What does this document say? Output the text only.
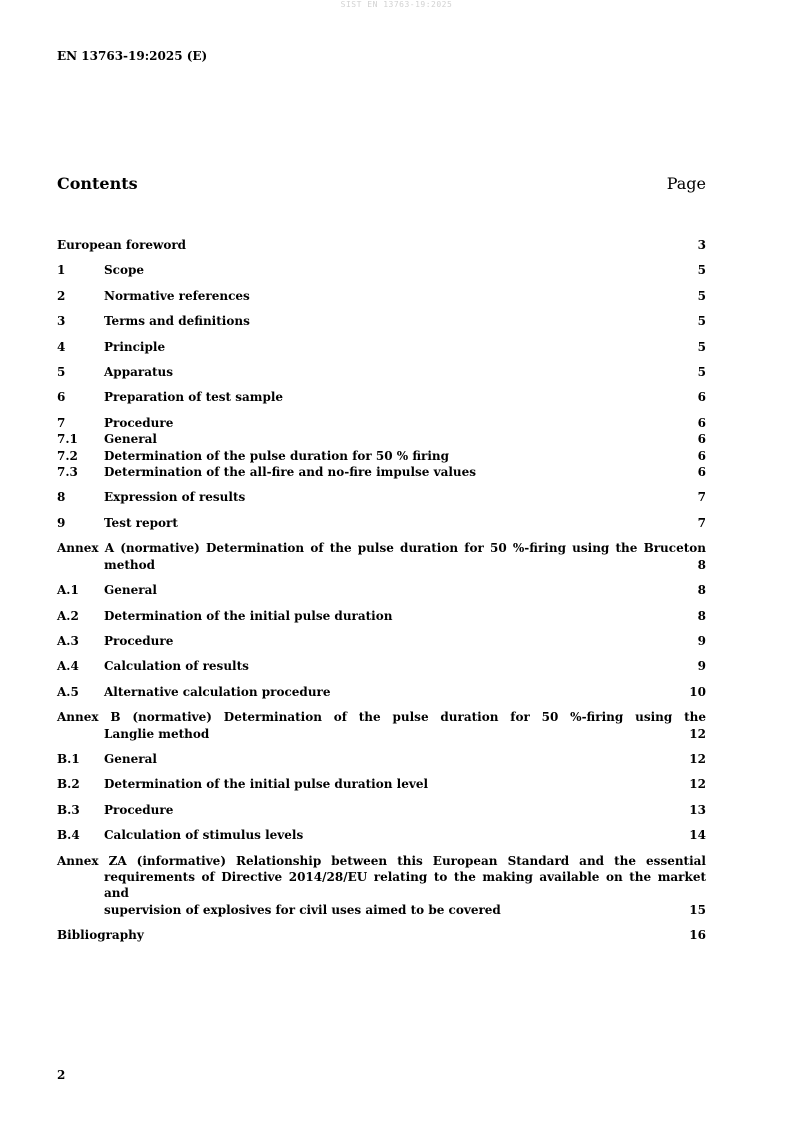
SIST EN 13763-19:2025
EN 13763-19:2025 (E)
Contents	Page
European foreword .....	3
1	Scope .....	5
2	Normative references .....	5
3	Terms and definitions .....	5
4	Principle .....	5
5	Apparatus .....	5
6	Preparation of test sample .....	6
7	Procedure .....	6
7.1	General .....	6
7.2	Determination of the pulse duration for 50 % firing .....	6
7.3	Determination of the all-fire and no-fire impulse values .....	6
8	Expression of results .....	7
9	Test report .....	7
Annex A (normative) Determination of the pulse duration for 50 %-firing using the Bruceton
method .....	8
A.1	General .....	8
A.2	Determination of the initial pulse duration .....	8
A.3	Procedure .....	9
A.4	Calculation of results .....	9
A.5	Alternative calculation procedure .....	10
Annex B (normative) Determination of the pulse duration for 50 %-firing using the
Langlie method .....	12
B.1	General .....	12
B.2	Determination of the initial pulse duration level .....	12
B.3	Procedure .....	13
B.4	Calculation of stimulus levels .....	14
Annex ZA (informative) Relationship between this European Standard and the essential
requirements of Directive 2014/28/EU relating to the making available on the market and
supervision of explosives for civil uses aimed to be covered .....	15
Bibliography .....	16
2
